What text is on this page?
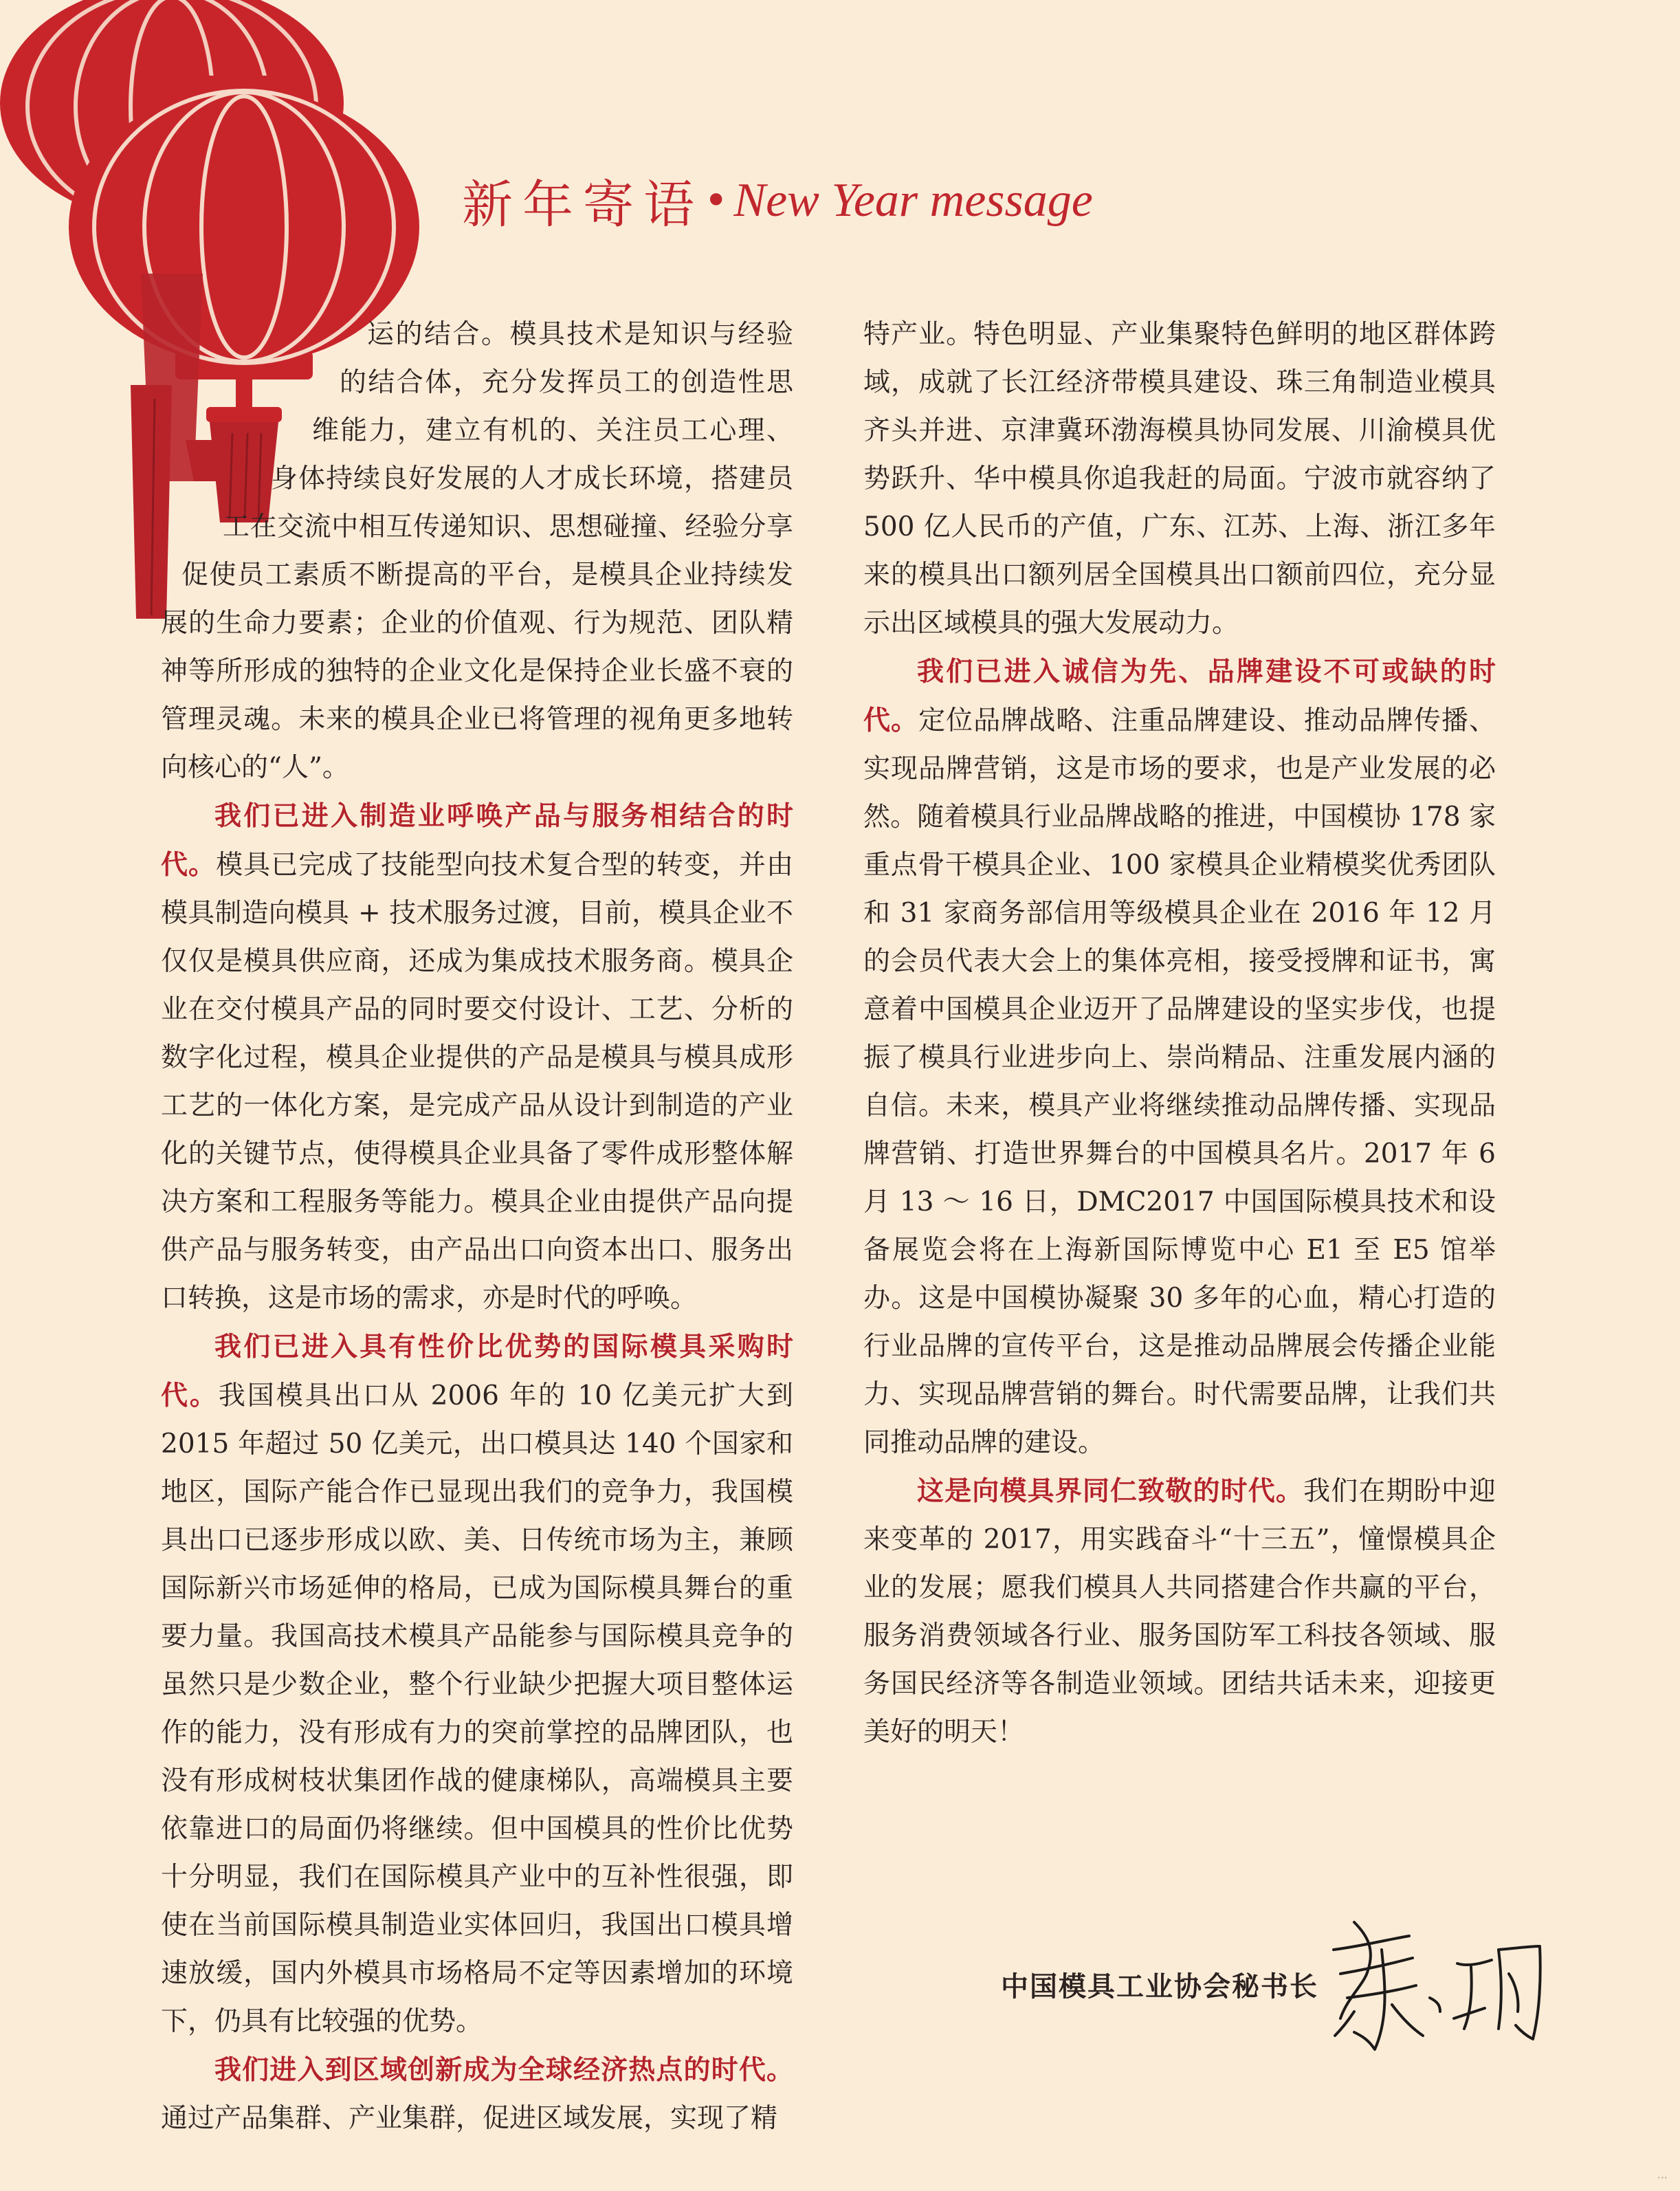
新年寄语 • New Year message

运的结合。模具技术是知识与经验的结合体，充分发挥员工的创造性思维能力，建立有机的、关注员工心理、身体持续良好发展的人才成长环境，搭建员工在交流中相互传递知识、思想碰撞、经验分享促使员工素质不断提高的平台，是模具企业持续发展的生命力要素；企业的价值观、行为规范、团队精神等所形成的独特的企业文化是保持企业长盛不衰的管理灵魂。未来的模具企业已将管理的视角更多地转向核心的“人”。

我们已进入制造业呼唤产品与服务相结合的时代。模具已完成了技能型向技术复合型的转变，并由模具制造向模具 + 技术服务过渡，目前，模具企业不仅仅是模具供应商，还成为集成技术服务商。模具企业在交付模具产品的同时要交付设计、工艺、分析的数字化过程，模具企业提供的产品是模具与模具成形工艺的一体化方案，是完成产品从设计到制造的产业化的关键节点，使得模具企业具备了零件成形整体解决方案和工程服务等能力。模具企业由提供产品向提供产品与服务转变，由产品出口向资本出口、服务出口转换，这是市场的需求，亦是时代的呼唤。

我们已进入具有性价比优势的国际模具采购时代。我国模具出口从 2006 年的 10 亿美元扩大到 2015 年超过 50 亿美元，出口模具达 140 个国家和地区，国际产能合作已显现出我们的竞争力，我国模具出口已逐步形成以欧、美、日传统市场为主，兼顾国际新兴市场延伸的格局，已成为国际模具舞台的重要力量。我国高技术模具产品能参与国际模具竞争的虽然只是少数企业，整个行业缺少把握大项目整体运作的能力，没有形成有力的突前掌控的品牌团队，也没有形成树枝状集团作战的健康梯队，高端模具主要依靠进口的局面仍将继续。但中国模具的性价比优势十分明显，我们在国际模具产业中的互补性很强，即使在当前国际模具制造业实体回归，我国出口模具增速放缓，国内外模具市场格局不定等因素增加的环境下，仍具有比较强的优势。

我们进入到区域创新成为全球经济热点的时代。通过产品集群、产业集群，促进区域发展，实现了精

特产业。特色明显、产业集聚特色鲜明的地区群体跨域，成就了长江经济带模具建设、珠三角制造业模具齐头并进、京津冀环渤海模具协同发展、川渝模具优势跃升、华中模具你追我赶的局面。宁波市就容纳了 500 亿人民币的产值，广东、江苏、上海、浙江多年来的模具出口额列居全国模具出口额前四位，充分显示出区域模具的强大发展动力。

我们已进入诚信为先、品牌建设不可或缺的时代。定位品牌战略、注重品牌建设、推动品牌传播、实现品牌营销，这是市场的要求，也是产业发展的必然。随着模具行业品牌战略的推进，中国模协 178 家重点骨干模具企业、100 家模具企业精模奖优秀团队和 31 家商务部信用等级模具企业在 2016 年 12 月的会员代表大会上的集体亮相，接受授牌和证书，寓意着中国模具企业迈开了品牌建设的坚实步伐，也提振了模具行业进步向上、崇尚精品、注重发展内涵的自信。未来，模具产业将继续推动品牌传播、实现品牌营销、打造世界舞台的中国模具名片。2017 年 6 月 13 ～ 16 日，DMC2017 中国国际模具技术和设备展览会将在上海新国际博览中心 E1 至 E5 馆举办。这是中国模协凝聚 30 多年的心血，精心打造的行业品牌的宣传平台，这是推动品牌展会传播企业能力、实现品牌营销的舞台。时代需要品牌，让我们共同推动品牌的建设。

这是向模具界同仁致敬的时代。我们在期盼中迎来变革的 2017，用实践奋斗“十三五”，憧憬模具企业的发展；愿我们模具人共同搭建合作共赢的平台，服务消费领域各行业、服务国防军工科技各领域、服务国民经济等各制造业领域。团结共话未来，迎接更美好的明天！

中国模具工业协会秘书长
···
